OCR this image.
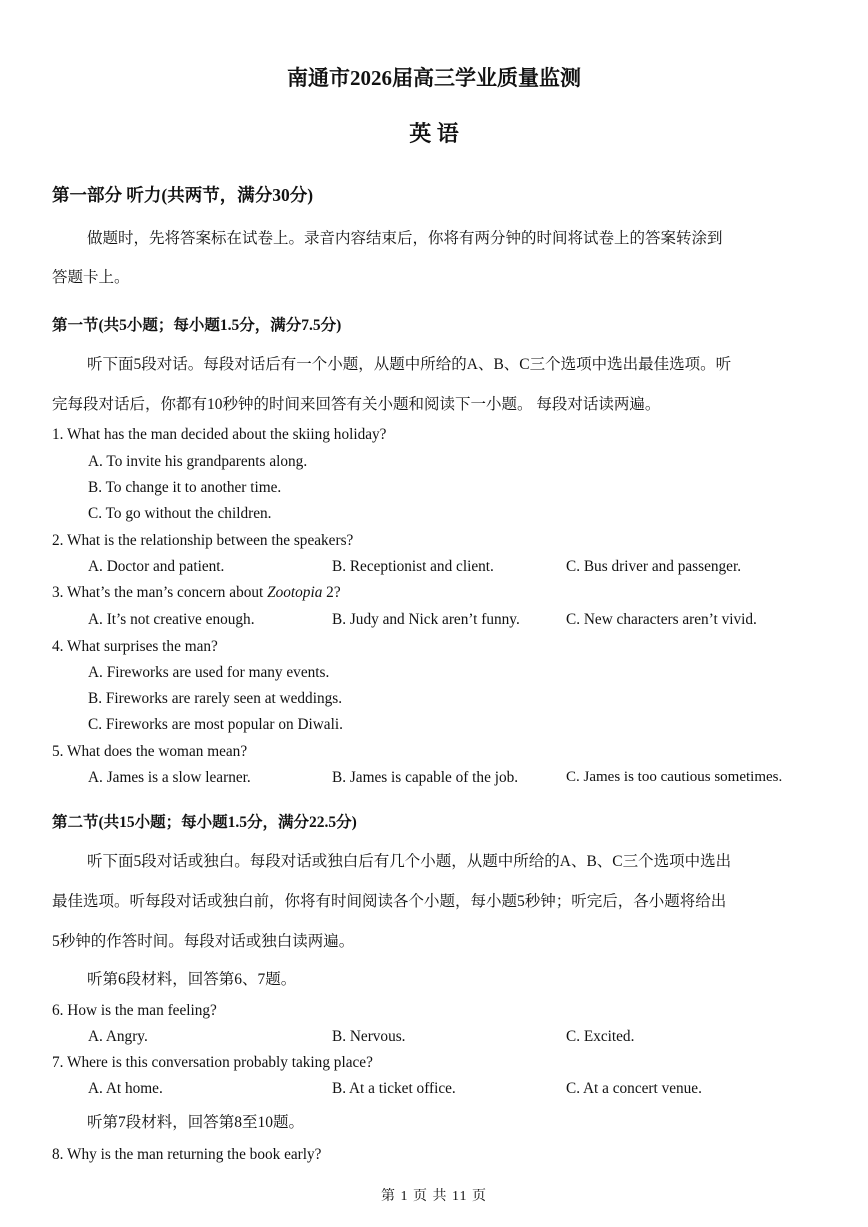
南通市2026届高三学业质量监测
英 语
第一部分 听力(共两节，满分30分)
做题时，先将答案标在试卷上。录音内容结束后，你将有两分钟的时间将试卷上的答案转涂到
答题卡上。
第一节(共5小题；每小题1.5分，满分7.5分)
听下面5段对话。每段对话后有一个小题，从题中所给的A、B、C三个选项中选出最佳选项。听
完每段对话后，你都有10秒钟的时间来回答有关小题和阅读下一小题。 每段对话读两遍。
1. What has the man decided about the skiing holiday?
A. To invite his grandparents along.
B. To change it to another time.
C. To go without the children.
2. What is the relationship between the speakers?
A. Doctor and patient.	B. Receptionist and client.	C. Bus driver and passenger.
3. What’s the man’s concern about Zootopia 2?
A. It’s not creative enough.	B. Judy and Nick aren’t funny.	C. New characters aren’t vivid.
4. What surprises the man?
A. Fireworks are used for many events.
B. Fireworks are rarely seen at weddings.
C. Fireworks are most popular on Diwali.
5. What does the woman mean?
A. James is a slow learner.	B. James is capable of the job.	C. James is too cautious sometimes.
第二节(共15小题；每小题1.5分，满分22.5分)
听下面5段对话或独白。每段对话或独白后有几个小题，从题中所给的A、B、C三个选项中选出
最佳选项。听每段对话或独白前，你将有时间阅读各个小题，每小题5秒钟；听完后，各小题将给出
5秒钟的作答时间。每段对话或独白读两遍。
听第6段材料，回答第6、7题。
6. How is the man feeling?
A. Angry.	B. Nervous.	C. Excited.
7. Where is this conversation probably taking place?
A. At home.	B. At a ticket office.	C. At a concert venue.
听第7段材料，回答第8至10题。
8. Why is the man returning the book early?
第 1 页 共 11 页
